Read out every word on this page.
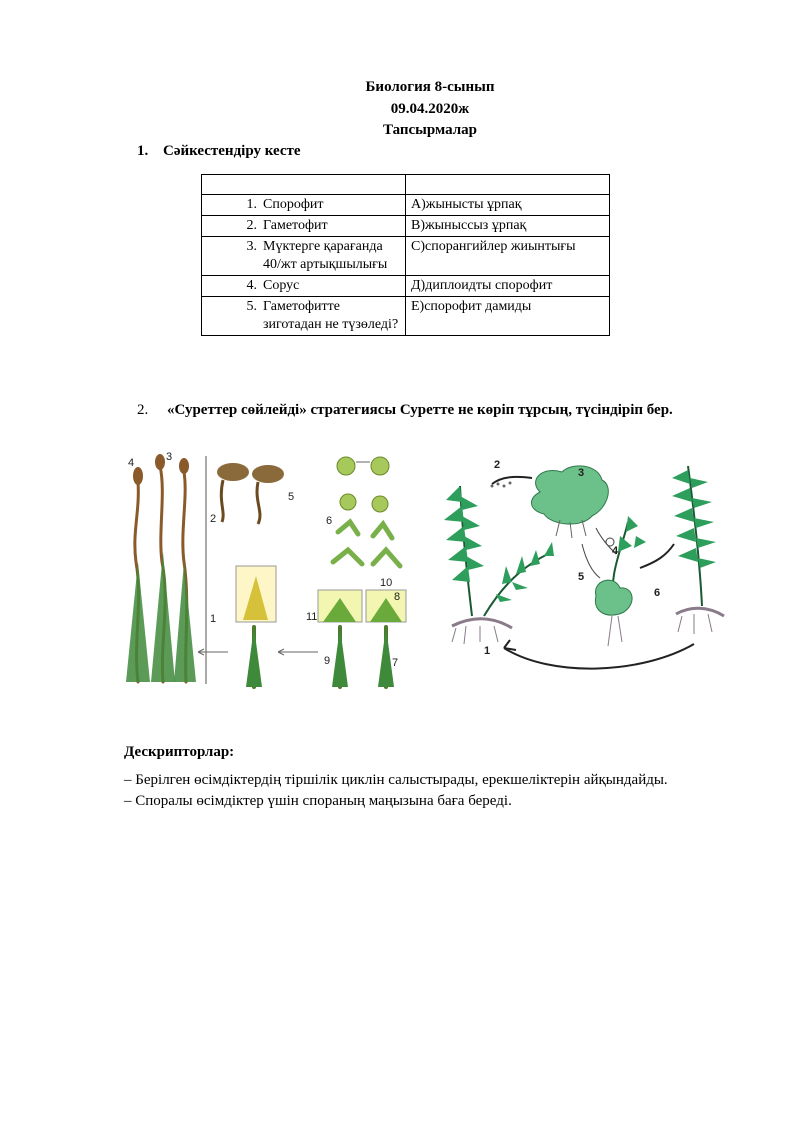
Биология 8-сынып
09.04.2020ж
Тапсырмалар
1. Сәйкестендіру кесте

1. Спорофит	А)жынысты ұрпақ

2. Гаметофит	В)жыныссыз ұрпақ

3. Мүктерге қарағанда 40/жт артықшылығы	С)спорангийлер жиынтығы

4. Сорус	Д)диплоидты спорофит

5. Гаметофитте зиготадан не түзөледі?	Е)спорофит дамиды
2. «Суреттер сөйлейді» стратегиясы Суретте не көріп тұрсың, түсіндіріп бер.
4	3
2
5
6
1
10
8
11
9	7
2
3
4
5
6
1
Дескрипторлар:
– Берілген өсімдіктердің тіршілік циклін салыстырады, ерекшеліктерін айқындайды.
– Споралы өсімдіктер үшін спораның маңызына баға береді.
